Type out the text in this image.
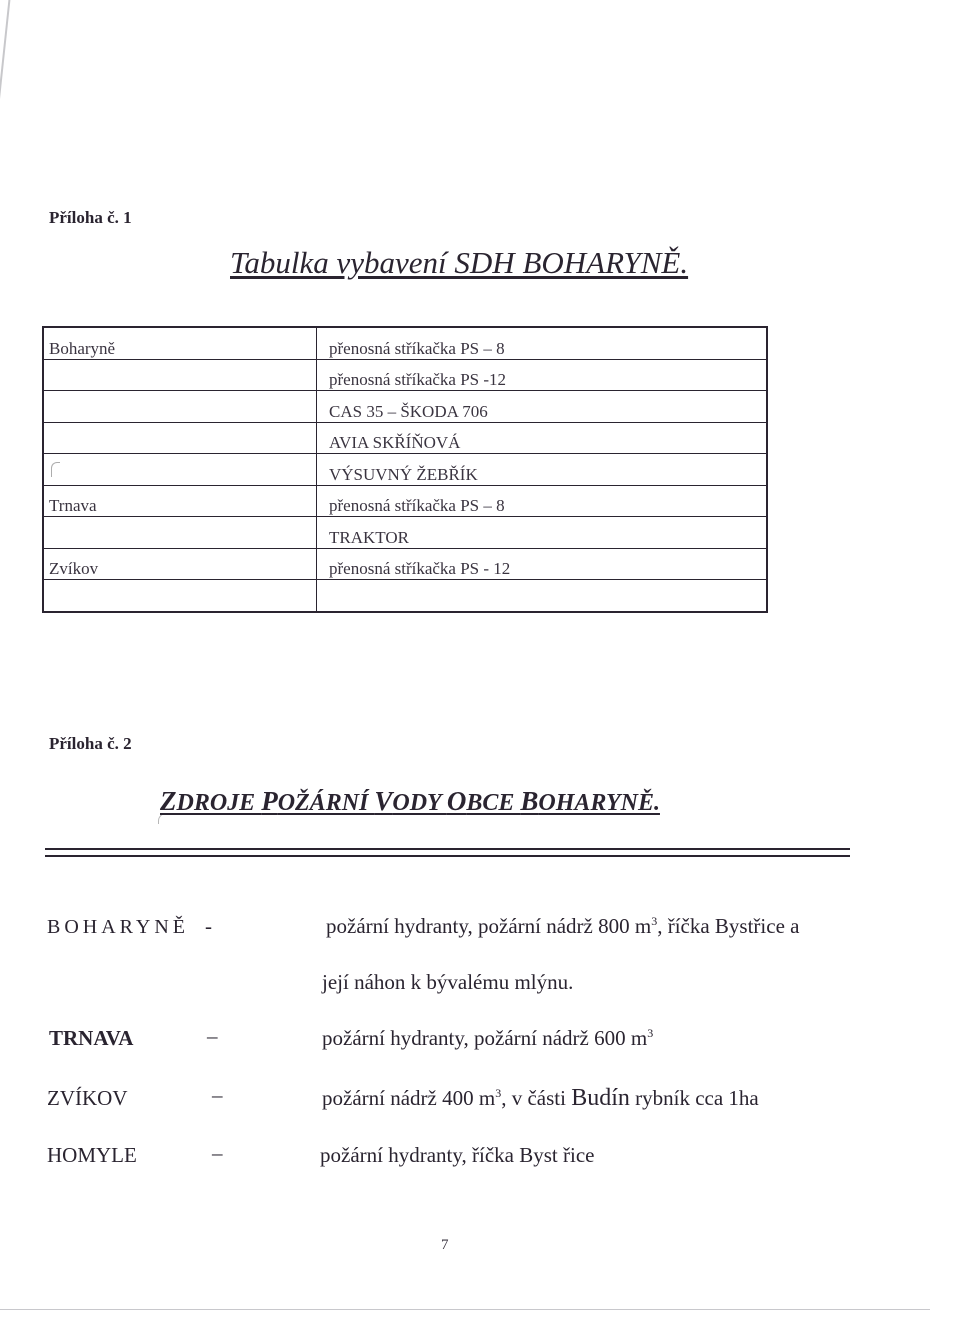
Příloha č. 1
Tabulka vybavení SDH BOHARYNĚ.
Boharyně	přenosná stříkačka PS – 8
	přenosná stříkačka PS -12
	CAS 35 – ŠKODA 706
	AVIA SKŘÍŇOVÁ
	VÝSUVNÝ ŽEBŘÍK
Trnava	přenosná stříkačka PS – 8
	TRAKTOR
Zvíkov	přenosná stříkačka PS - 12

Příloha č. 2
ZDROJE POŽÁRNÍ VODY OBCE BOHARYNĚ.
BOHARYNĚ -	požární hydranty, požární nádrž 800 $m^3$, říčka Bystřice a
její náhon k bývalému mlýnu.
TRNAVA	–	požární hydranty, požární nádrž 600 $m^3$
ZVÍKOV	–	požární nádrž 400 $m^3$, v části Budín rybník cca 1ha
HOMYLE	–	požární hydranty, říčka Byst řice
7
